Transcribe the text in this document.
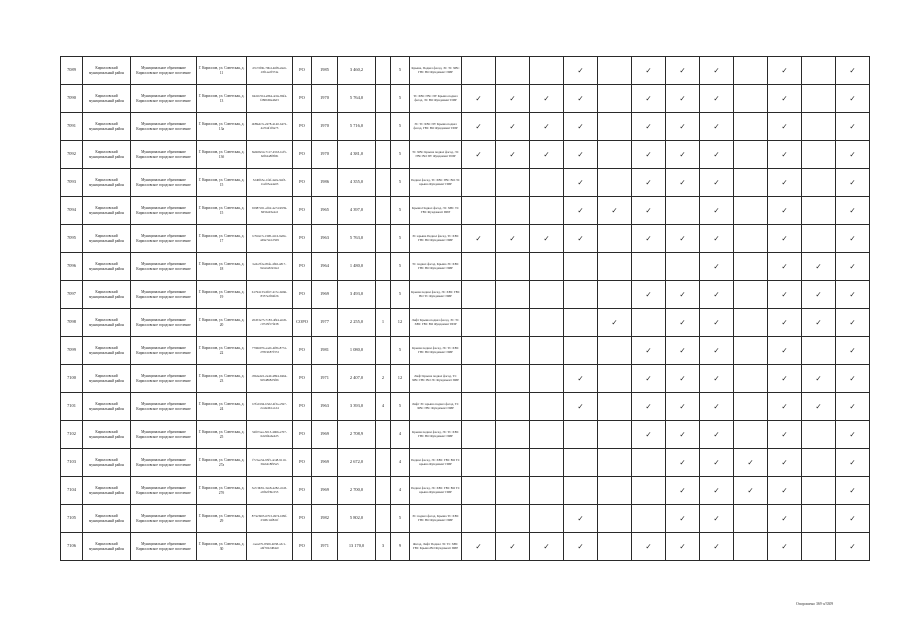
7089	Кирилловский муниципальный район	Муниципальное образование Кирилловское городское поселение	Г. Кириллов, ул. Советская, д. 11	d7e72f9b-79bd-46f8-a6e6-d3f1ae2f374a	РО	1985	3 460,2		5	Крыша, Подвал фасад, ЭС ТС ХВС ГВС ВО Фундамент ПИР				✓		✓	✓	✓		✓		✓
7090	Кирилловский муниципальный район	Муниципальное образование Кирилловское городское поселение	Г. Кириллов, ул. Советская, д. 13	94d1b554-a864-4c0a-8bf4-f280b69a46d3	РО	1970	5 764,0		5	ТС ХВС ГВС ПУ Крыша подвал фасад, ЭС ВО Фундамент ПИР	✓	✓	✓	✓		✓	✓	✓		✓		✓
7091	Кирилловский муниципальный район	Муниципальное образование Кирилловское городское поселение	Г. Кириллов, ул. Советская, д. 13а	db89eb7e-e978-4140-b472-4a7b4f1f9a73	РО	1970	5 716,0		5	ЭС ТС ХВС ПУ Крыша подвал фасад, ГВС ВО Фундамент ПИР	✓	✓	✓	✓		✓	✓	✓		✓		✓
7092	Кирилловский муниципальный район	Муниципальное образование Кирилловское городское поселение	Г. Кириллов, ул. Советская, д. 13б	8a6b8a54-7117-45b3-bcf5-62fb2a8f8f0b	РО	1970	4 381,0		5	ТС ХВС Крыша подвал фасад, ЭС ГВС ВО ПУ Фундамент ПИР	✓	✓	✓	✓		✓	✓	✓		✓		✓
7093	Кирилловский муниципальный район	Муниципальное образование Кирилловское городское поселение	Г. Кириллов, ул. Советская, д. 15	52d0fb5e-1f4f-4a0a-94f3-11af05ea4e03	РО	1986	4 355,0		5	Подвал фасад, ТС ХВС ГВС ВО ЭС крыша Фундамент ПИР				✓		✓	✓	✓		✓		✓
7094	Кирилловский муниципальный район	Муниципальное образование Кирилловское городское поселение	Г. Кириллов, ул. Советская, д. 15	b5987451-ef62-4e7d-9939-8d5ba93e4cd	РО	1965	4 397,0		5	Крыша Подвал фасад, ЭС ХВС ТС ГВС Фундамент ПИР				✓	✓	✓		✓		✓		✓
7095	Кирилловский муниципальный район	Муниципальное образование Кирилловское городское поселение	Г. Кириллов, ул. Советская, д. 17	b7b62c3-1308-4116-9e84-a69e72e12509	РО	1963	5 763,0		5	ЭС крыша Подвал фасад, ТС ХВС ГВС ВО Фундамент ПИР	✓	✓	✓	✓		✓	✓	✓		✓		✓
7096	Кирилловский муниципальный район	Муниципальное образование Кирилловское городское поселение	Г. Кириллов, ул. Советская, д. 18	be6a7f2e-8bfe-4f9d-a817-92a2a2b9c0ad	РО	1964	1 480,0		5	ТС подвал фасад, Крыша ЭС ХВС ГВС ВО Фундамент ПИР								✓		✓	✓	✓
7097	Кирилловский муниципальный район	Муниципальное образование Кирилловское городское поселение	Г. Кириллов, ул. Советская, д. 19	61794133-0f67-417e-b666-8357e2f94f26	РО	1969	3 493,0		5	Крыша подвал фасад, ЭС ХВС ГВС ВО ТС Фундамент ПИР						✓	✓	✓		✓	✓	✓
7098	Кирилловский муниципальный район	Муниципальное образование Кирилловское городское поселение	Г. Кириллов, ул. Советская, д. 20	20d53e75-7183-4f94-a6d5-c07d5f57f438	СОРО	1977	2 255,0	1	12	Лифт Крыша подвал фасад, ЭС ТС ХВС ГВС ВО Фундамент ПИР					✓		✓	✓		✓	✓	✓
7099	Кирилловский муниципальный район	Муниципальное образование Кирилловское городское поселение	Г. Кириллов, ул. Советская, д. 22	7796697b-aa2b-4f8b-8731-27819b87f37d	РО	1981	1 080,0		5	Крыша подвал фасад, ЭС ТС ХВС ГВС ВО Фундамент ПИР						✓	✓	✓		✓		✓
7100	Кирилловский муниципальный район	Муниципальное образование Кирилловское городское поселение	Г. Кириллов, ул. Советская, д. 23	c8bded22-2a40-4894-9464-9d5486825f0b	РО	1971	2 407,0	2	12	Лифт Крыша подвал фасад, ТС ХВС ГВС ВО ЭС Фундамент ПИР				✓		✓	✓	✓		✓	✓	✓
7101	Кирилловский муниципальный район	Муниципальное образование Кирилловское городское поселение	Г. Кириллов, ул. Советская, д. 24	b7fa0194-b3d2-4f3a-a597-2ca0e0b1a1d4	РО	1963	3 393,0	4	5	Лифт ЭС крыша подвал фасад, ТС ХВС ГВС Фундамент ПИР				✓		✓	✓	✓		✓	✓	✓
7102	Кирилловский муниципальный район	Муниципальное образование Кирилловское городское поселение	Г. Кириллов, ул. Советская, д. 25	52f07aea-3013-4966-a707-62a9f4a6e425	РО	1969	2 708,9		4	Крыша подвал фасад, ЭС ТС ХВС ГВС ВО Фундамент ПИР						✓	✓	✓		✓		✓
7103	Кирилловский муниципальный район	Муниципальное образование Кирилловское городское поселение	Г. Кириллов, ул. Советская, д. 27а	f7c5ee34-95f5-4c48-9110-30eb418f95a5	РО	1969	2 672,0		4	Подвал фасад, ЭС ХВС ГВС ВО ТС крыша Фундамент ПИР							✓	✓	✓	✓		✓
7104	Кирилловский муниципальный район	Муниципальное образование Кирилловское городское поселение	Г. Кириллов, ул. Советская, д. 27б	3a7c9b81-32e8-4282-a5d3-e9fb2f39c253	РО	1969	2 700,0		4	Подвал фасад, ЭС ХВС ГВС ВО ТС крыша Фундамент ПИР							✓	✓	✓	✓		✓
7105	Кирилловский муниципальный район	Муниципальное образование Кирилловское городское поселение	Г. Кириллов, ул. Советская, д. 29	873e3903-67b3-4974-b99f-23d8c14f8d1f	РО	1982	5 802,0		5	ЭС подвал фасад, Крыша ТС ХВС ГВС ВО Фундамент ПИР				✓			✓	✓		✓		✓
7106	Кирилловский муниципальный район	Муниципальное образование Кирилловское городское поселение	Г. Кириллов, ул. Советская, д. 30	caea27b-8309-4038-a3c1-a6f7022d8da0	РО	1971	13 170,0	3	9	Фасад, Лифт Подвал ЭС ТС ХВС ГВС Крыша ВО Фундамент ПИР	✓	✓	✓	✓		✓	✓	✓		✓		✓
Опорошено 369 ч/3309
